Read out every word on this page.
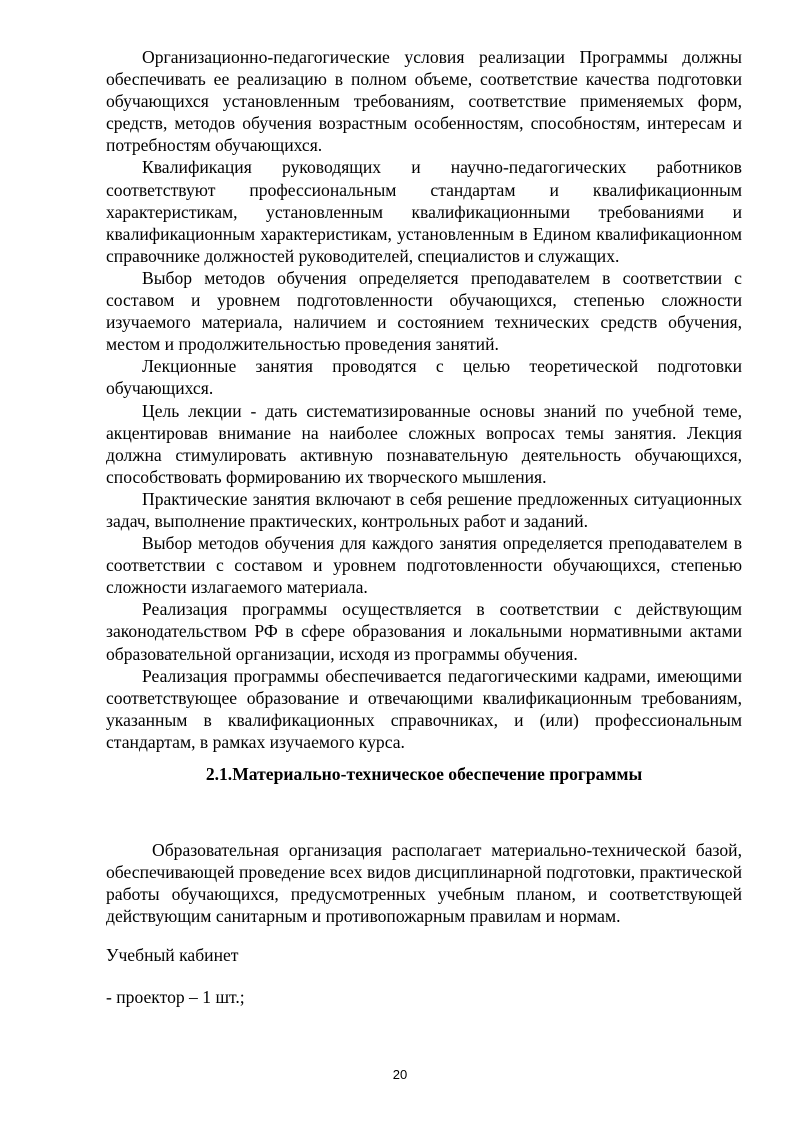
Организационно-педагогические условия реализации Программы должны обеспечивать ее реализацию в полном объеме, соответствие качества подготовки обучающихся установленным требованиям, соответствие применяемых форм, средств, методов обучения возрастным особенностям, способностям, интересам и потребностям обучающихся.

Квалификация руководящих и научно-педагогических работников соответствуют профессиональным стандартам и квалификационным характеристикам, установленным квалификационными требованиями и квалификационным характеристикам, установленным в Едином квалификационном справочнике должностей руководителей, специалистов и служащих.

Выбор методов обучения определяется преподавателем в соответствии с составом и уровнем подготовленности обучающихся, степенью сложности изучаемого материала, наличием и состоянием технических средств обучения, местом и продолжительностью проведения занятий.

Лекционные занятия проводятся с целью теоретической подготовки обучающихся.

Цель лекции - дать систематизированные основы знаний по учебной теме, акцентировав внимание на наиболее сложных вопросах темы занятия. Лекция должна стимулировать активную познавательную деятельность обучающихся, способствовать формированию их творческого мышления.

Практические занятия включают в себя решение предложенных ситуационных задач, выполнение практических, контрольных работ и заданий.

Выбор методов обучения для каждого занятия определяется преподавателем в соответствии с составом и уровнем подготовленности обучающихся, степенью сложности излагаемого материала.

Реализация программы осуществляется в соответствии с действующим законодательством РФ в сфере образования и локальными нормативными актами образовательной организации, исходя из программы обучения.

Реализация программы обеспечивается педагогическими кадрами, имеющими соответствующее образование и отвечающими квалификационным требованиям, указанным в квалификационных справочниках, и (или) профессиональным стандартам, в рамках изучаемого курса.

2.1.Материально-техническое обеспечение программы

Образовательная организация располагает материально-технической базой, обеспечивающей проведение всех видов дисциплинарной подготовки, практической работы обучающихся, предусмотренных учебным планом, и соответствующей действующим санитарным и противопожарным правилам и нормам.

Учебный кабинет

- проектор – 1 шт.;

20
